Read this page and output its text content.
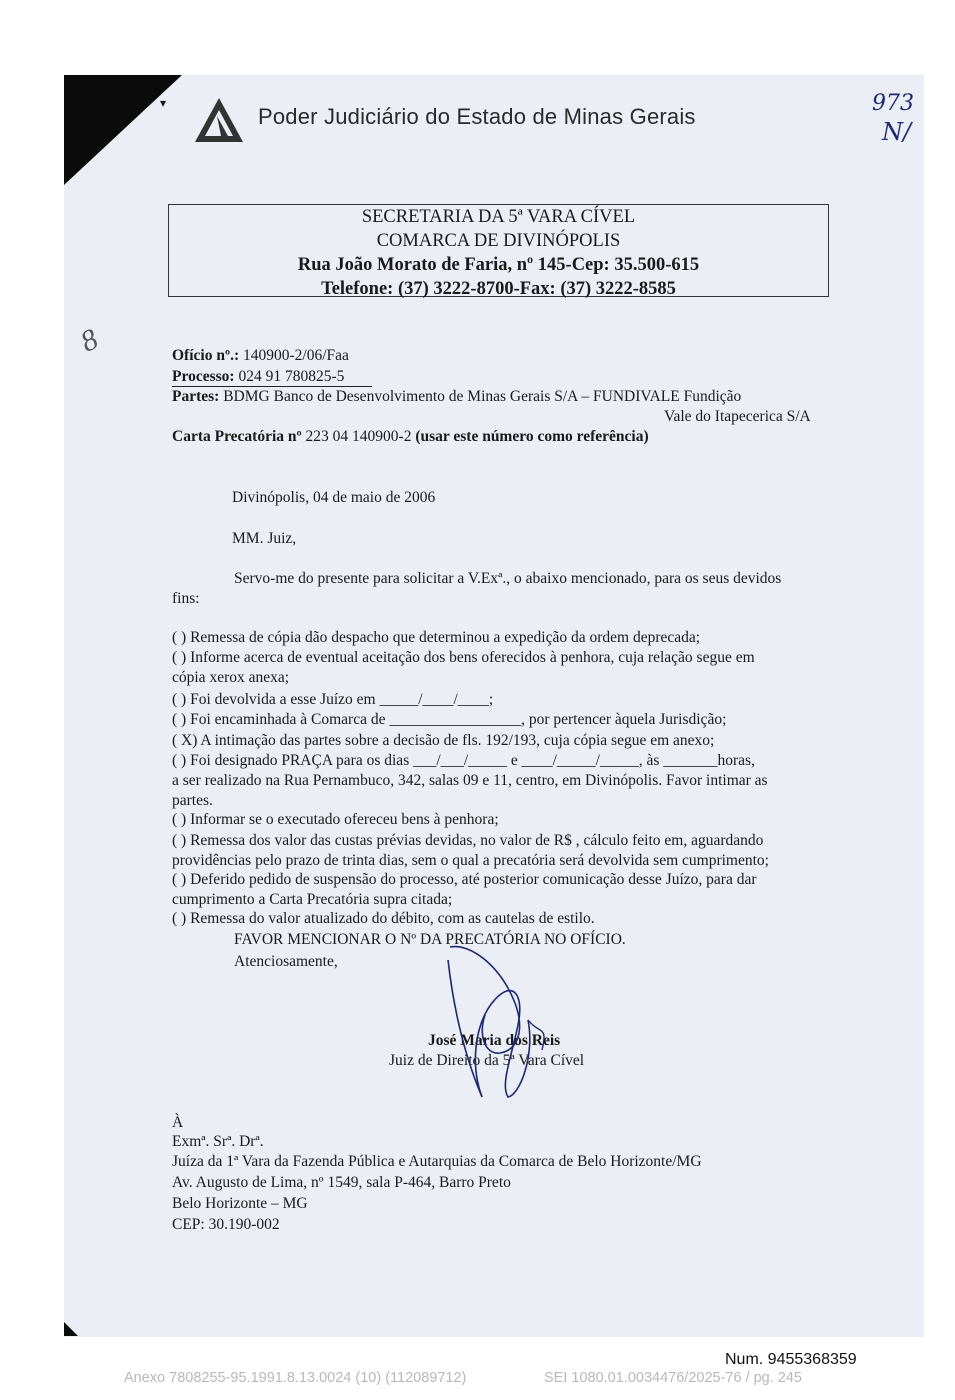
▾
Poder Judiciário do Estado de Minas Gerais
973
N/
SECRETARIA DA 5ª VARA CÍVEL
COMARCA DE DIVINÓPOLIS
Rua João Morato de Faria, nº 145-Cep: 35.500-615
Telefone: (37) 3222-8700-Fax: (37) 3222-8585
8	Ofício nº.: 140900-2/06/Faa
Processo: 024 91 780825-5
Partes: BDMG Banco de Desenvolvimento de Minas Gerais S/A – FUNDIVALE Fundição
Vale do Itapecerica S/A
Carta Precatória nº 223 04 140900-2 (usar este número como referência)
Divinópolis, 04 de maio de 2006
MM. Juiz,
Servo-me do presente para solicitar a V.Exª., o abaixo mencionado, para os seus devidos
fins:
( ) Remessa de cópia dão despacho que determinou a expedição da ordem deprecada;
( ) Informe acerca de eventual aceitação dos bens oferecidos à penhora, cuja relação segue em
cópia xerox anexa;
( ) Foi devolvida a esse Juízo em _____/____/____;
( ) Foi encaminhada à Comarca de _________________, por pertencer àquela Jurisdição;
( X) A intimação das partes sobre a decisão de fls. 192/193, cuja cópia segue em anexo;
( ) Foi designado PRAÇA para os dias ___/___/_____ e ____/_____/_____, às _______horas,
a ser realizado na Rua Pernambuco, 342, salas 09 e 11, centro, em Divinópolis. Favor intimar as
partes.
( ) Informar se o executado ofereceu bens à penhora;
( ) Remessa dos valor das custas prévias devidas, no valor de R$ , cálculo feito em, aguardando
providências pelo prazo de trinta dias, sem o qual a precatória será devolvida sem cumprimento;
( ) Deferido pedido de suspensão do processo, até posterior comunicação desse Juízo, para dar
cumprimento a Carta Precatória supra citada;
( ) Remessa do valor atualizado do débito, com as cautelas de estilo.
FAVOR MENCIONAR O Nº DA PRECATÓRIA NO OFÍCIO.
Atenciosamente,
José Maria dos Reis
Juiz de Direito da 5ª Vara Cível
À
Exmª. Srª. Drª.
Juíza da 1ª Vara da Fazenda Pública e Autarquias da Comarca de Belo Horizonte/MG
Av. Augusto de Lima, nº 1549, sala P-464, Barro Preto
Belo Horizonte – MG
CEP: 30.190-002
Num. 9455368359
Anexo 7808255-95.1991.8.13.0024 (10) (112089712)	SEI 1080.01.0034476/2025-76 / pg. 245
